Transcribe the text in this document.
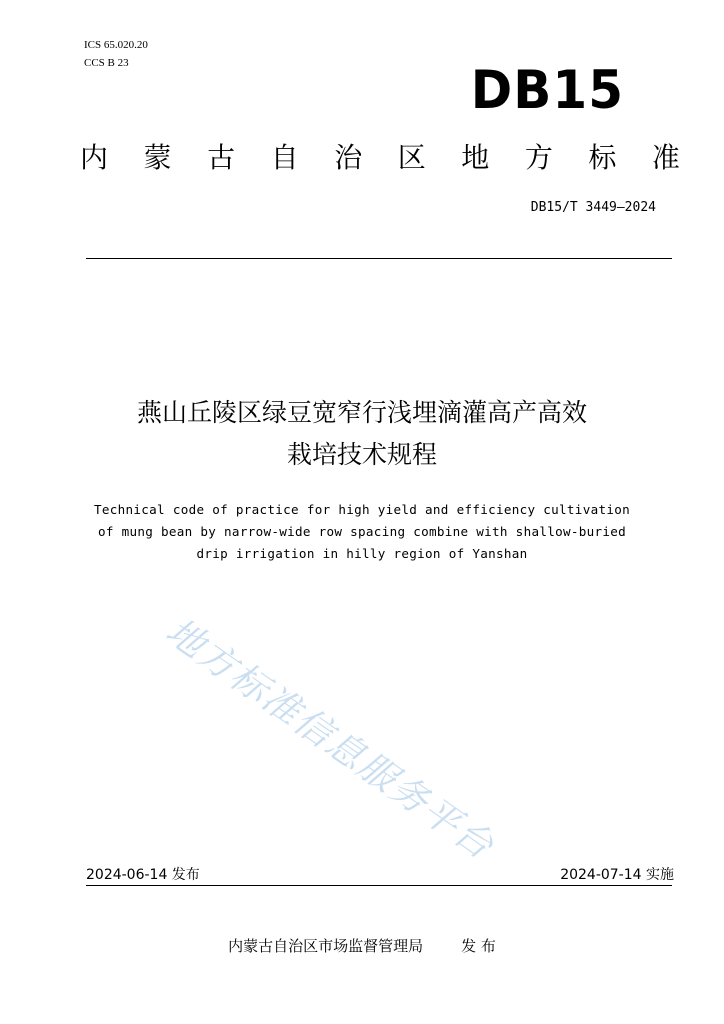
ICS 65.020.20
CCS B 23	DB15
内 蒙 古 自 治 区 地 方 标 准
DB15/T 3449—2024
燕山丘陵区绿豆宽窄行浅埋滴灌高产高效
栽培技术规程
Technical code of practice for high yield and efficiency cultivation
of mung bean by narrow-wide row spacing combine with shallow-buried
drip irrigation in hilly region of Yanshan
地方标准信息服务平台
2024-06-14 发布	2024-07-14 实施
内蒙古自治区市场监督管理局	发 布
